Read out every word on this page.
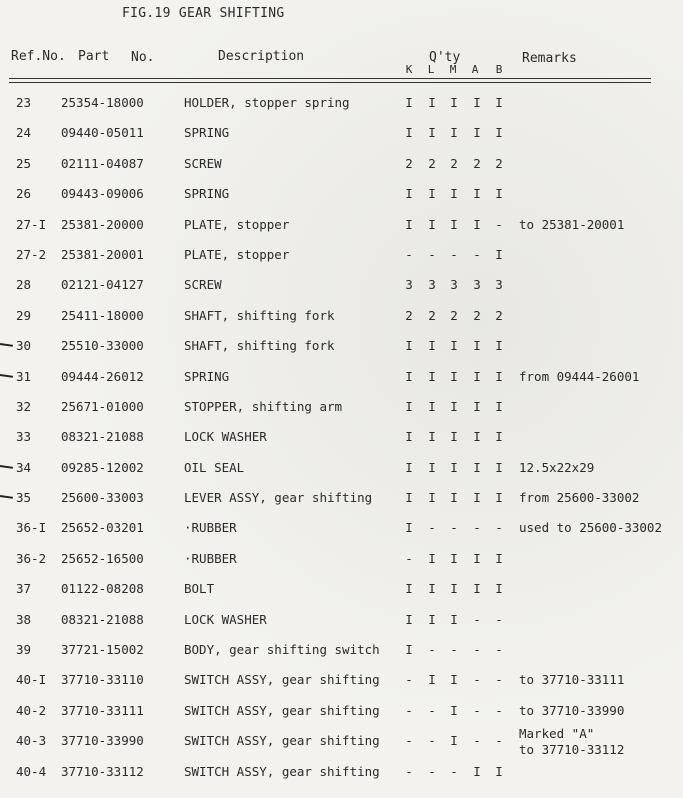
FIG.19 GEAR SHIFTING
Ref.No. Part No.	Description	Q'ty	Remarks
K	L	M	A	B
23 25354-18000	HOLDER, stopper spring	I	I	I	I	I
24 09440-05011	SPRING	I	I	I	I	I
25 02111-04087	SCREW	2	2	2	2	2
26 09443-09006	SPRING	I	I	I	I	I
27-I 25381-20000	PLATE, stopper	I	I	I	I	-	to 25381-20001
27-2 25381-20001	PLATE, stopper	-	-	-	-	I
28 02121-04127	SCREW	3	3	3	3	3
29 25411-18000	SHAFT, shifting fork	2	2	2	2	2
30 25510-33000	SHAFT, shifting fork	I	I	I	I	I
31 09444-26012	SPRING	I	I	I	I	I	from 09444-26001
32 25671-01000	STOPPER, shifting arm	I	I	I	I	I
33 08321-21088	LOCK WASHER	I	I	I	I	I
34 09285-12002	OIL SEAL	I	I	I	I	I	12.5x22x29
35 25600-33003	LEVER ASSY, gear shifting	I	I	I	I	I	from 25600-33002
36-I 25652-03201	·RUBBER	I	-	-	-	-	used to 25600-33002
36-2 25652-16500	·RUBBER	-	I	I	I	I
37 01122-08208	BOLT	I	I	I	I	I
38 08321-21088	LOCK WASHER	I	I	I	-	-
39 37721-15002	BODY, gear shifting switch	I	-	-	-	-
40-I 37710-33110	SWITCH ASSY, gear shifting	-	I	I	-	-	to 37710-33111
40-2 37710-33111	SWITCH ASSY, gear shifting	-	-	I	-	-	to 37710-33990
40-3 37710-33990	SWITCH ASSY, gear shifting	-	-	I	-	-	Marked "A"
to 37710-33112
40-4 37710-33112	SWITCH ASSY, gear shifting	-	-	-	I	I
